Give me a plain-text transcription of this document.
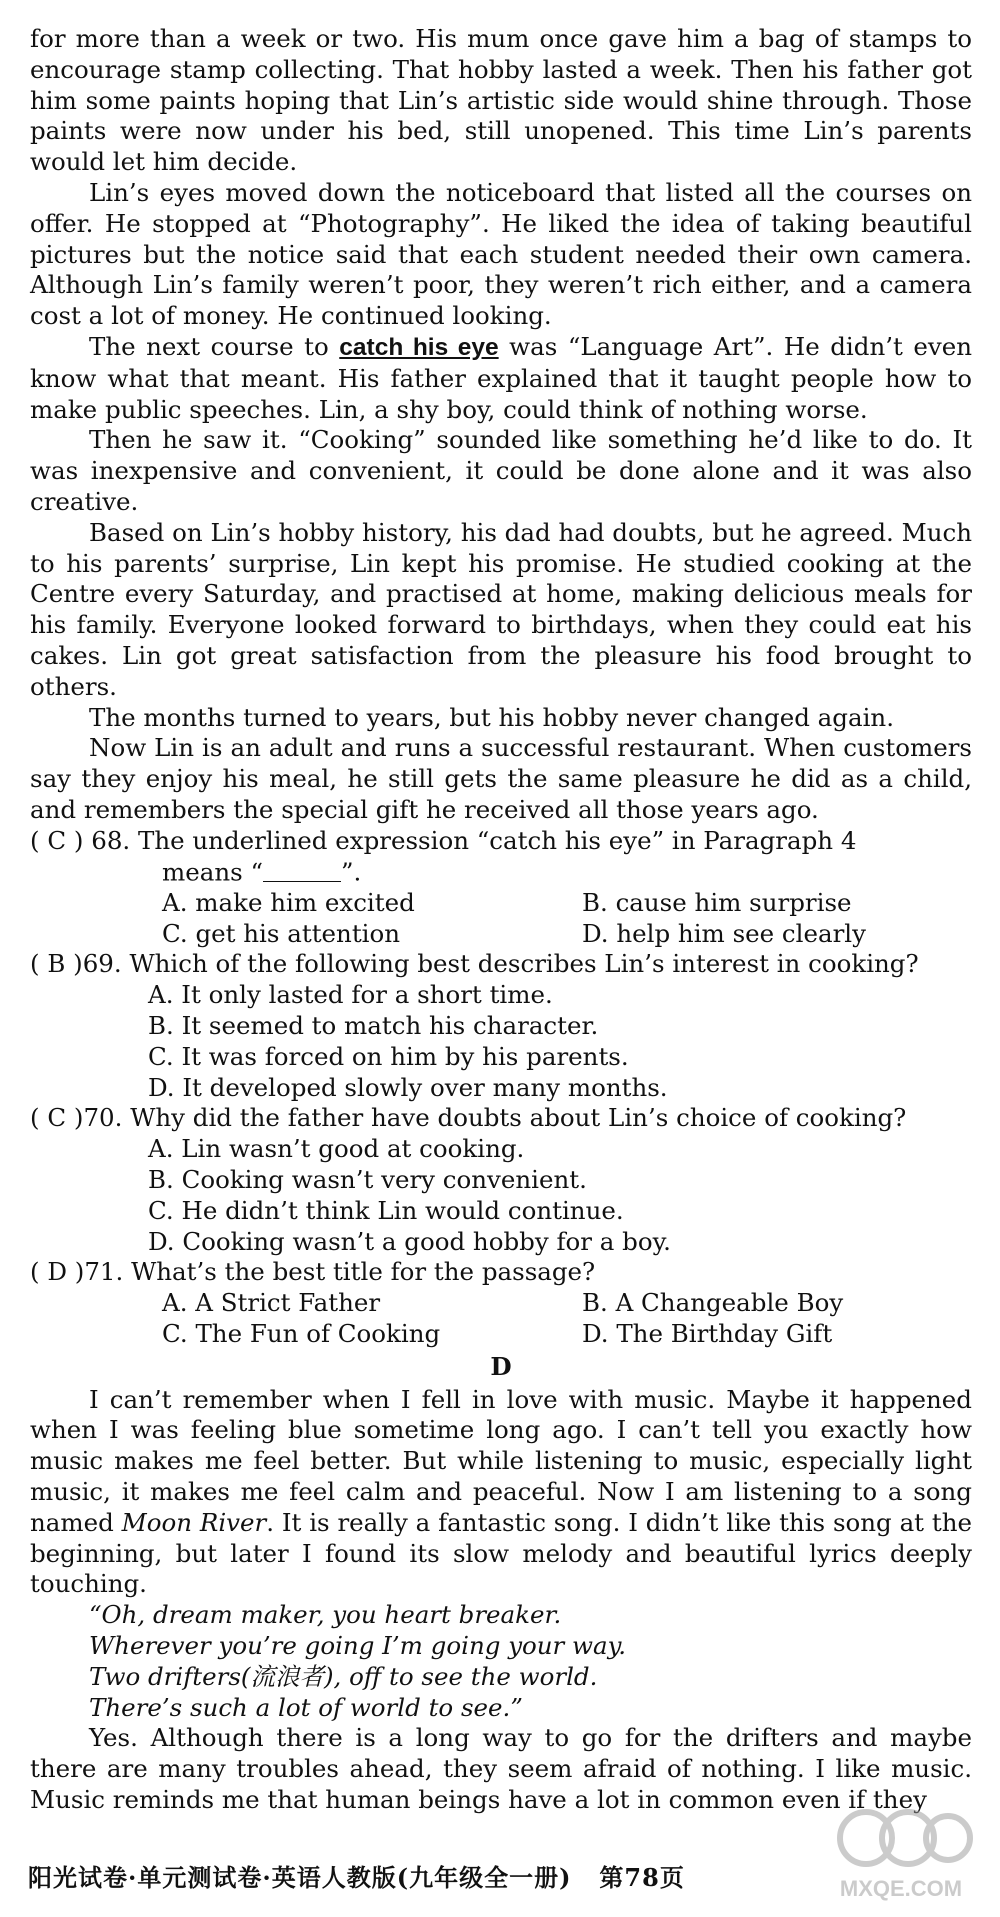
for more than a week or two. His mum once gave him a bag of stamps to encourage stamp collecting. That hobby lasted a week. Then his father got him some paints hoping that Lin’s artistic side would shine through. Those paints were now under his bed, still unopened. This time Lin’s parents would let him decide.

Lin’s eyes moved down the noticeboard that listed all the courses on offer. He stopped at “Photography”. He liked the idea of taking beautiful pictures but the notice said that each student needed their own camera. Although Lin’s family weren’t poor, they weren’t rich either, and a camera cost a lot of money. He continued looking.

The next course to catch his eye was “Language Art”. He didn’t even know what that meant. His father explained that it taught people how to make public speeches. Lin, a shy boy, could think of nothing worse.

Then he saw it. “Cooking” sounded like something he’d like to do. It was inexpensive and convenient, it could be done alone and it was also creative.

Based on Lin’s hobby history, his dad had doubts, but he agreed. Much to his parents’ surprise, Lin kept his promise. He studied cooking at the Centre every Saturday, and practised at home, making delicious meals for his family. Everyone looked forward to birthdays, when they could eat his cakes. Lin got great satisfaction from the pleasure his food brought to others.

The months turned to years, but his hobby never changed again.

Now Lin is an adult and runs a successful restaurant. When customers say they enjoy his meal, he still gets the same pleasure he did as a child, and remembers the special gift he received all those years ago.

( C ) 68. The underlined expression “catch his eye” in Paragraph 4
means “	”.
A. make him excited	B. cause him surprise
C. get his attention	D. help him see clearly
( B )69. Which of the following best describes Lin’s interest in cooking?
A. It only lasted for a short time.
B. It seemed to match his character.
C. It was forced on him by his parents.
D. It developed slowly over many months.
( C )70. Why did the father have doubts about Lin’s choice of cooking?
A. Lin wasn’t good at cooking.
B. Cooking wasn’t very convenient.
C. He didn’t think Lin would continue.
D. Cooking wasn’t a good hobby for a boy.
( D )71. What’s the best title for the passage?
A. A Strict Father	B. A Changeable Boy
C. The Fun of Cooking	D. The Birthday Gift
D

I can’t remember when I fell in love with music. Maybe it happened when I was feeling blue sometime long ago. I can’t tell you exactly how music makes me feel better. But while listening to music, especially light music, it makes me feel calm and peaceful. Now I am listening to a song named Moon River. It is really a fantastic song. I didn’t like this song at the beginning, but later I found its slow melody and beautiful lyrics deeply touching.

“Oh, dream maker, you heart breaker.
Wherever you’re going I’m going your way.
Two drifters(流浪者), off to see the world.
There’s such a lot of world to see.”

Yes. Although there is a long way to go for the drifters and maybe there are many troubles ahead, they seem afraid of nothing. I like music. Music reminds me that human beings have a lot in common even if they

阳光试卷·单元测试卷·英语人教版(九年级全一册) 第78页	MXQE.COM
